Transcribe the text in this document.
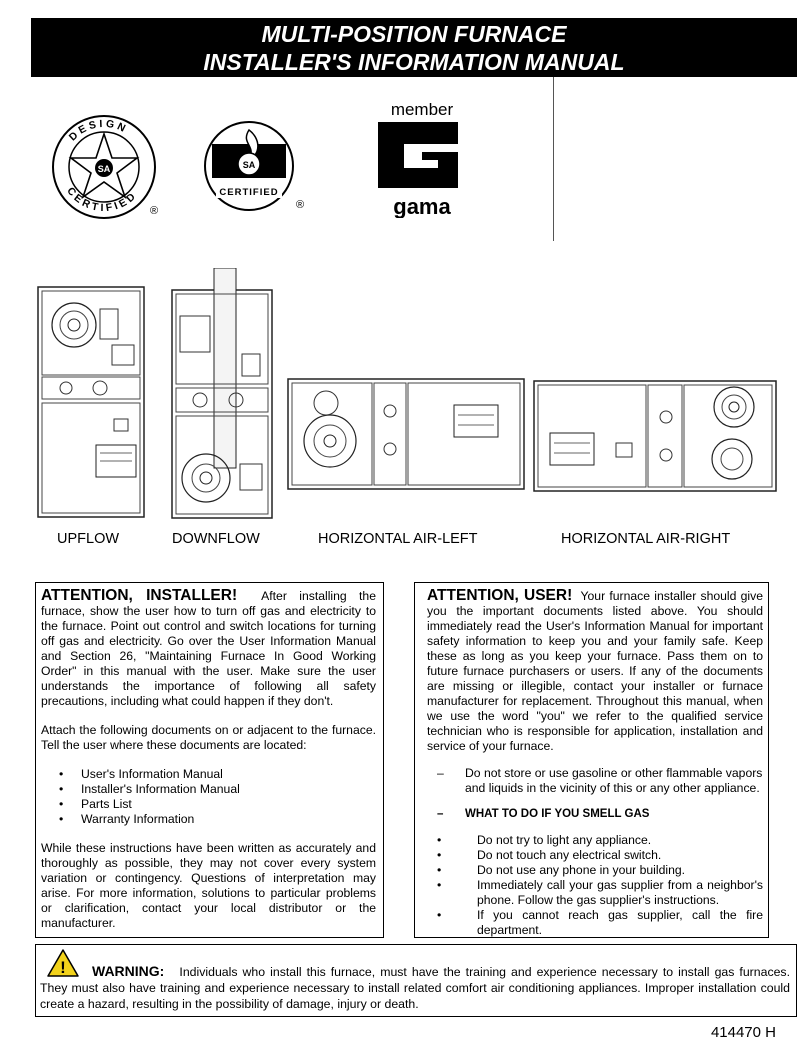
MULTI-POSITION FURNACE
INSTALLER'S INFORMATION MANUAL
DESIGN
CERTIFIED
SA
®
SA
CERTIFIED
®
member
gama
UPFLOW	DOWNFLOW	HORIZONTAL AIR-LEFT	HORIZONTAL AIR-RIGHT

ATTENTION, INSTALLER! After installing the furnace, show the user how to turn off gas and electricity to the furnace. Point out control and switch locations for turning off gas and electricity. Go over the User Information Manual and Section 26, "Maintaining Furnace In Good Working Order" in this manual with the user. Make sure the user understands the importance of following all safety precautions, including what could happen if they don't.

Attach the following documents on or adjacent to the furnace. Tell the user where these documents are located:

• User's Information Manual
• Installer's Information Manual
• Parts List
• Warranty Information

While these instructions have been written as accurately and thoroughly as possible, they may not cover every system variation or contingency. Questions of interpretation may arise. For more information, solutions to particular problems or clarification, contact your local distributor or the manufacturer.

ATTENTION, USER! Your furnace installer should give you the important documents listed above. You should immediately read the User's Information Manual for important safety information to keep you and your family safe. Keep these as long as you keep your furnace. Pass them on to future furnace purchasers or users. If any of the documents are missing or illegible, contact your installer or furnace manufacturer for replacement. Throughout this manual, when we use the word "you" we refer to the qualified service technician who is responsible for application, installation and service of your furnace.

– Do not store or use gasoline or other flammable vapors and liquids in the vicinity of this or any other appliance.
– WHAT TO DO IF YOU SMELL GAS
•	Do not try to light any appliance.
•	Do not touch any electrical switch.
•	Do not use any phone in your building.
•	Immediately call your gas supplier from a neighbor's phone. Follow the gas supplier's instructions.
•	If you cannot reach gas supplier, call the fire department.
! WARNING: Individuals who install this furnace, must have the training and experience necessary to install gas furnaces. They must also have training and experience necessary to install related comfort air conditioning appliances. Improper installation could create a hazard, resulting in the possibility of damage, injury or death.
414470 H
